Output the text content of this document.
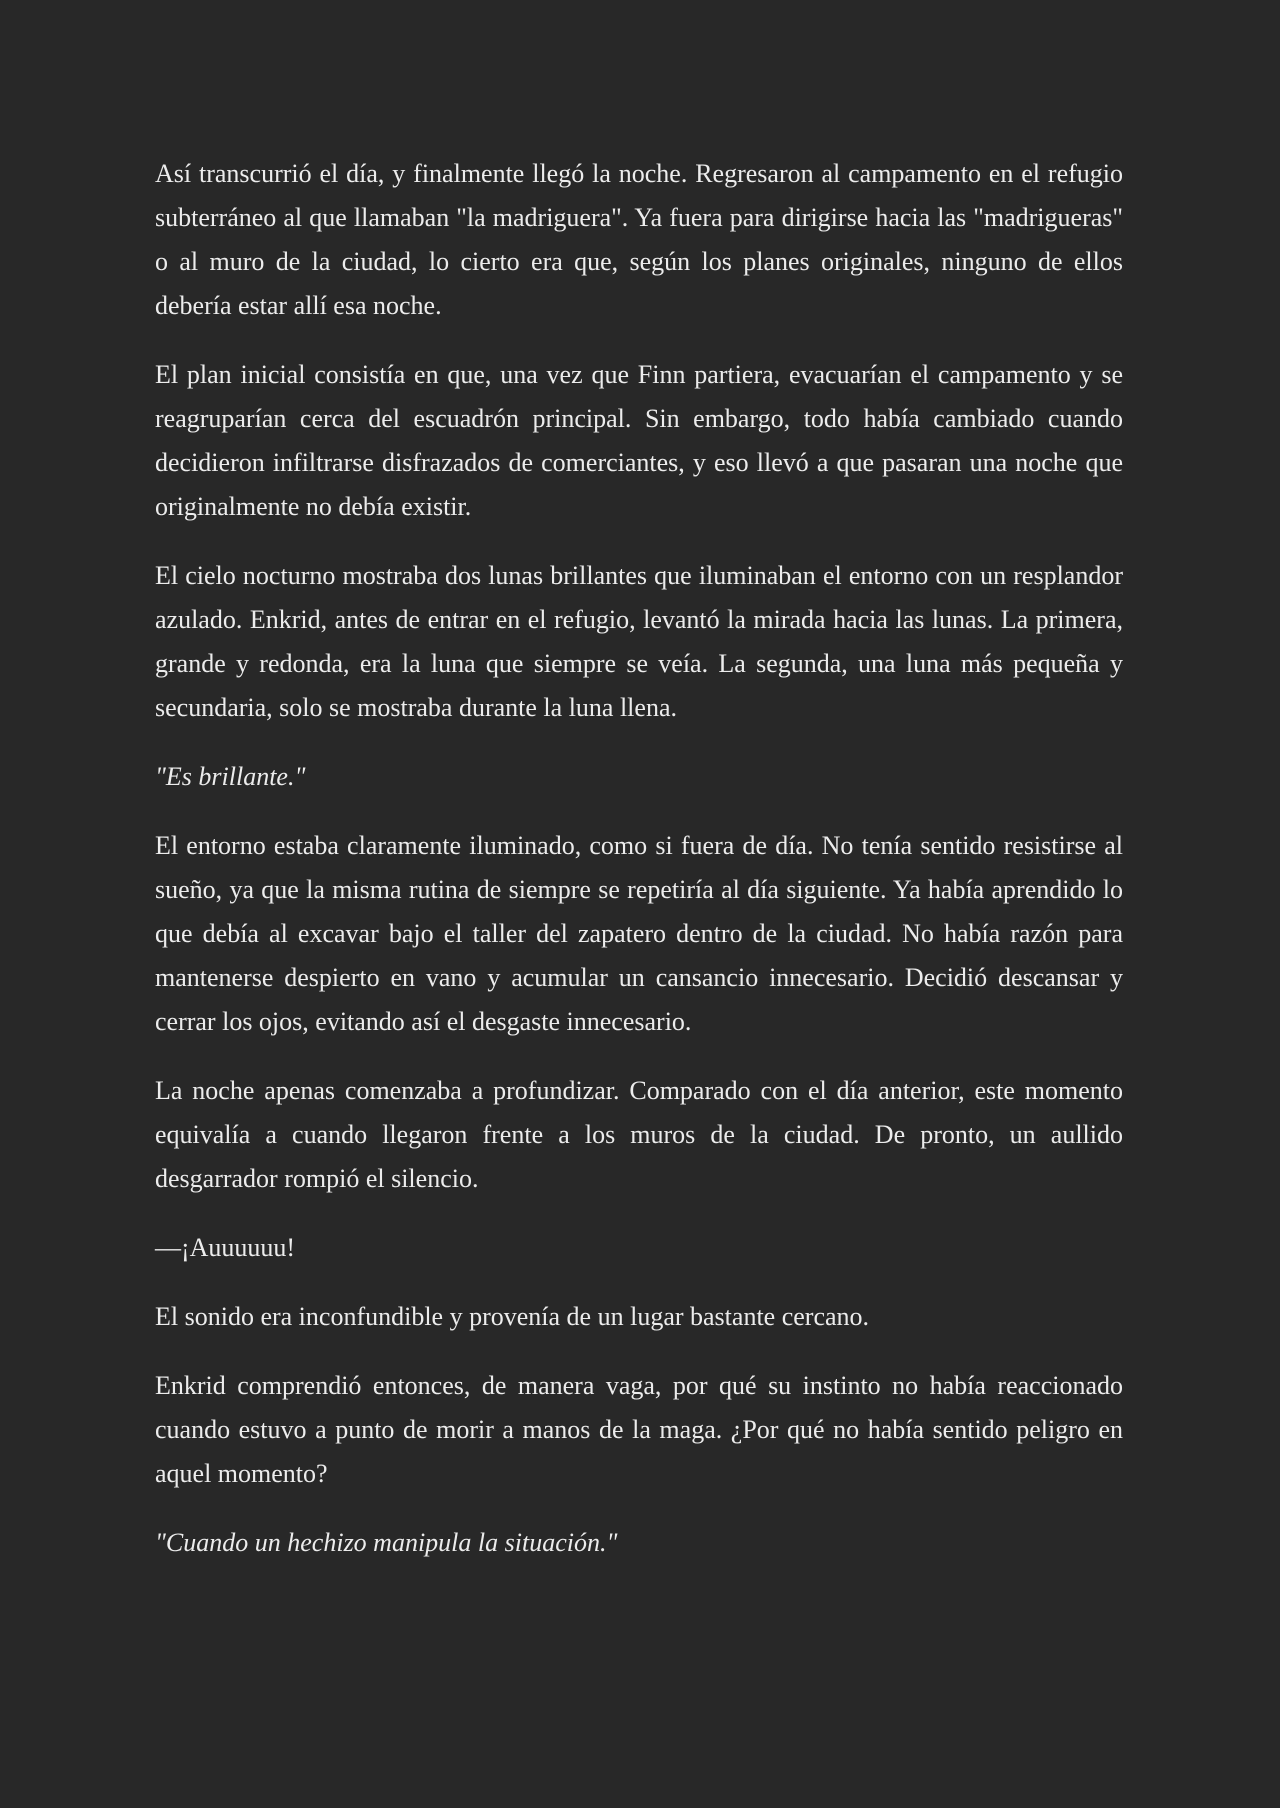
Así transcurrió el día, y finalmente llegó la noche. Regresaron al campamento en el refugio subterráneo al que llamaban "la madriguera". Ya fuera para dirigirse hacia las "madrigueras" o al muro de la ciudad, lo cierto era que, según los planes originales, ninguno de ellos debería estar allí esa noche.

El plan inicial consistía en que, una vez que Finn partiera, evacuarían el campamento y se reagruparían cerca del escuadrón principal. Sin embargo, todo había cambiado cuando decidieron infiltrarse disfrazados de comerciantes, y eso llevó a que pasaran una noche que originalmente no debía existir.

El cielo nocturno mostraba dos lunas brillantes que iluminaban el entorno con un resplandor azulado. Enkrid, antes de entrar en el refugio, levantó la mirada hacia las lunas. La primera, grande y redonda, era la luna que siempre se veía. La segunda, una luna más pequeña y secundaria, solo se mostraba durante la luna llena.

"Es brillante."

El entorno estaba claramente iluminado, como si fuera de día. No tenía sentido resistirse al sueño, ya que la misma rutina de siempre se repetiría al día siguiente. Ya había aprendido lo que debía al excavar bajo el taller del zapatero dentro de la ciudad. No había razón para mantenerse despierto en vano y acumular un cansancio innecesario. Decidió descansar y cerrar los ojos, evitando así el desgaste innecesario.

La noche apenas comenzaba a profundizar. Comparado con el día anterior, este momento equivalía a cuando llegaron frente a los muros de la ciudad. De pronto, un aullido desgarrador rompió el silencio.

—¡Auuuuuu!

El sonido era inconfundible y provenía de un lugar bastante cercano.

Enkrid comprendió entonces, de manera vaga, por qué su instinto no había reaccionado cuando estuvo a punto de morir a manos de la maga. ¿Por qué no había sentido peligro en aquel momento?

"Cuando un hechizo manipula la situación."
